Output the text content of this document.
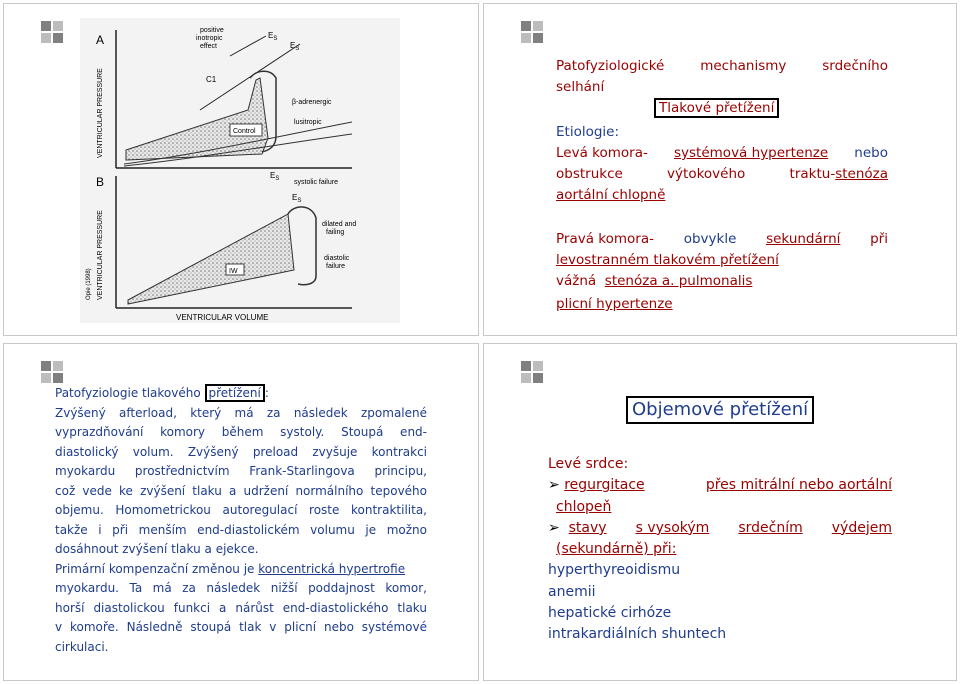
A
VENTRICULAR PRESSURE
positive inotropic effect
$E_S$
$E_S$
C1
Control
β-adrenergic
lusitropic
B
VENTRICULAR PRESSURE
VENTRICULAR VOLUME
Opie (1998)
$E_S$
$E_S$
systolic failure
dilated and failing
diastolic failure
IW
Patofyziologické	mechanismy	srdečního
selhání
Tlakové přetížení
Etiologie:
Levá komora- systémová hypertenze nebo
obstrukce	výtokového	traktu-stenóza
aortální chlopně
Pravá komora- obvykle sekundární při
levostranném tlakovém přetížení
vážná stenóza a. pulmonalis
plicní hypertenze
Patofyziologie tlakového přetížení :
Zvýšený afterload, který má za následek zpomalené
vyprazdňování komory během systoly. Stoupá end-
diastolický volum. Zvýšený preload zvyšuje kontrakci
myokardu prostřednictvím Frank-Starlingova principu,
což vede ke zvýšení tlaku a udržení normálního tepového
objemu. Homometrickou autoregulací roste kontraktilita,
takže i při menším end-diastolickém volumu je možno
dosáhnout zvýšení tlaku a ejekce.
Primární kompenzační změnou je koncentrická hypertrofie
myokardu. Ta má za následek nižší poddajnost komor,
horší diastolickou funkci a nárůst end-diastolického tlaku
v komoře. Následně stoupá tlak v plicní nebo systémové
cirkulaci.
Objemové přetížení
Levé srdce:
➢ regurgitace	přes mitrální nebo aortální
chlopeň
➢ stavy s vysokým srdečním výdejem
(sekundárně) při:
hyperthyreoidismu
anemii
hepatické cirhóze
intrakardiálních shuntech
